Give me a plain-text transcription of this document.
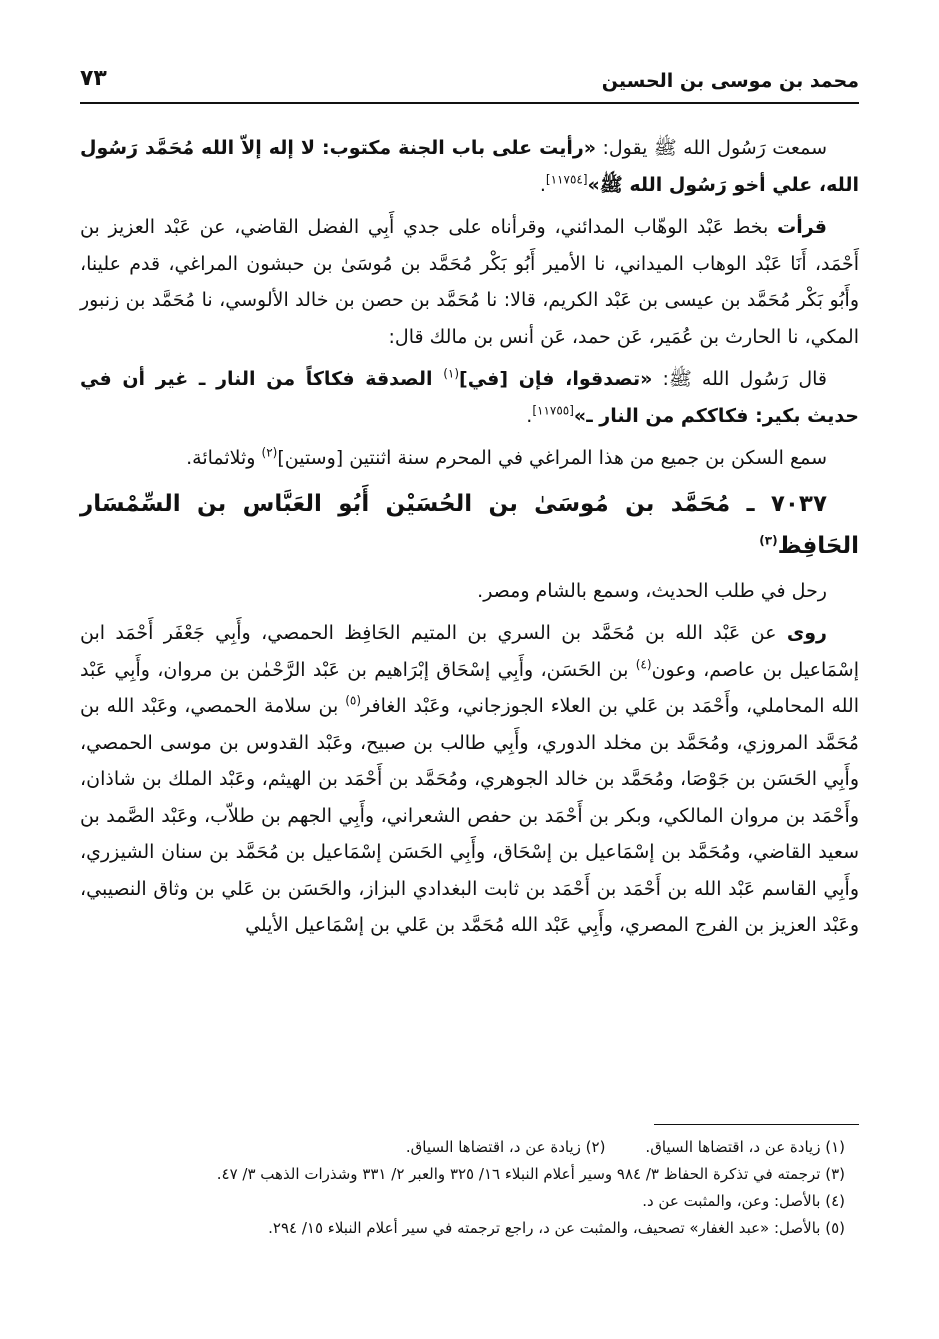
محمد بن موسى بن الحسين
٧٣

سمعت رَسُول الله ﷺ يقول: «رأيت على باب الجنة مكتوب: لا إله إلاّ الله مُحَمَّد رَسُول الله، علي أخو رَسُول الله ﷺ»[١١٧٥٤].

قرأت بخط عَبْد الوهّاب المدائني، وقرأناه على جدي أَبِي الفضل القاضي، عن عَبْد العزيز بن أَحْمَد، أَنَا عَبْد الوهاب الميداني، نا الأمير أَبُو بَكْر مُحَمَّد بن مُوسَىٰ بن حبشون المراغي، قدم علينا، وأَبُو بَكْر مُحَمَّد بن عيسى بن عَبْد الكريم، قالا: نا مُحَمَّد بن حصن بن خالد الألوسي، نا مُحَمَّد بن زنبور المكي، نا الحارث بن عُمَير، عَن حمد، عَن أنس بن مالك قال:

قال رَسُول الله ﷺ: «تصدقوا، فإن [في]$^{(١)}$ الصدقة فكاكاً من النار ـ غير أن في حديث بكير: فكاككم من النار ـ»[١١٧٥٥].

سمع السكن بن جميع من هذا المراغي في المحرم سنة اثنتين [وستين]$^{(٢)}$ وثلاثمائة.

٧٠٣٧ ـ مُحَمَّد بن مُوسَىٰ بن الحُسَيْن أَبُو العَبَّاس بن السِّمْسَار الحَافِظ$^{(٣)}$

رحل في طلب الحديث، وسمع بالشام ومصر.

روى عن عَبْد الله بن مُحَمَّد بن السري بن المتيم الحَافِظ الحمصي، وأَبِي جَعْفَر أَحْمَد ابن إسْمَاعيل بن عاصم، وعون$^{(٤)}$ بن الحَسَن، وأَبِي إسْحَاق إبْرَاهيم بن عَبْد الرَّحْمٰن بن مروان، وأَبِي عَبْد الله المحاملي، وأَحْمَد بن عَلي بن العلاء الجوزجاني، وعَبْد الغافر$^{(٥)}$ بن سلامة الحمصي، وعَبْد الله بن مُحَمَّد المروزي، ومُحَمَّد بن مخلد الدوري، وأَبِي طالب بن صبيح، وعَبْد القدوس بن موسى الحمصي، وأَبِي الحَسَن بن جَوْصَا، ومُحَمَّد بن خالد الجوهري، ومُحَمَّد بن أَحْمَد بن الهيثم، وعَبْد الملك بن شاذان، وأَحْمَد بن مروان المالكي، وبكر بن أَحْمَد بن حفص الشعراني، وأَبِي الجهم بن طلاّب، وعَبْد الصَّمد بن سعيد القاضي، ومُحَمَّد بن إسْمَاعيل بن إسْحَاق، وأَبِي الحَسَن إسْمَاعيل بن مُحَمَّد بن سنان الشيزري، وأَبِي القاسم عَبْد الله بن أَحْمَد بن أَحْمَد بن ثابت البغدادي البزاز، والحَسَن بن عَلي بن وثاق النصيبي، وعَبْد العزيز بن الفرج المصري، وأَبِي عَبْد الله مُحَمَّد بن عَلي بن إسْمَاعيل الأيلي

(١) زيادة عن د، اقتضاها السياق.
(٢) زيادة عن د، اقتضاها السياق.
(٣) ترجمته في تذكرة الحفاظ ٣/ ٩٨٤ وسير أعلام النبلاء ١٦/ ٣٢٥ والعبر ٢/ ٣٣١ وشذرات الذهب ٣/ ٤٧.
(٤) بالأصل: وعن، والمثبت عن د.
(٥) بالأصل: «عبد الغفار» تصحيف، والمثبت عن د، راجع ترجمته في سير أعلام النبلاء ١٥/ ٢٩٤.
